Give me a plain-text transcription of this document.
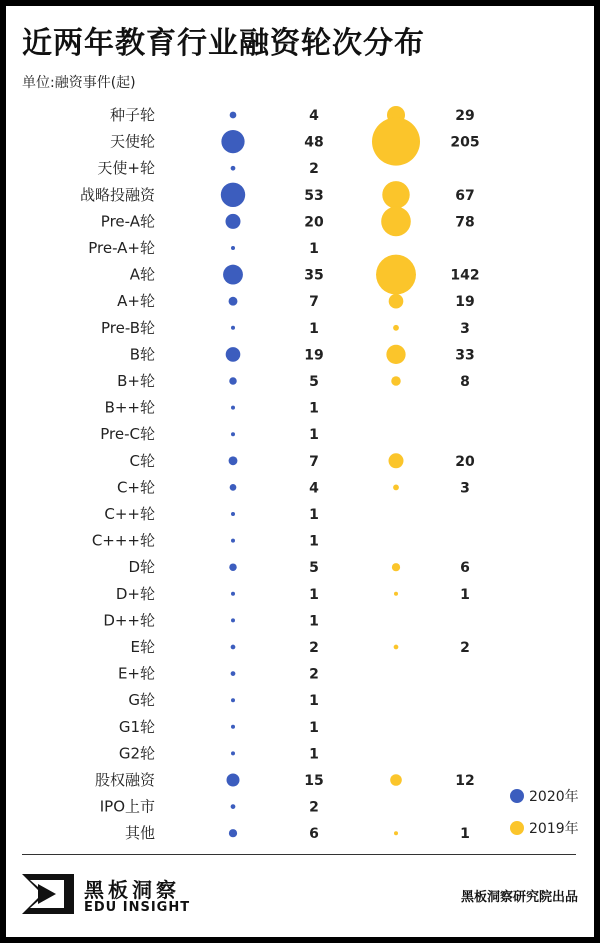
近两年教育行业融资轮次分布
单位:融资事件(起)
种子轮	4	29
天使轮	48	205
天使+轮	2
战略投融资	53	67
Pre-A轮	20	78
Pre-A+轮	1
A轮	35	142
A+轮	7	19
Pre-B轮	1	3
B轮	19	33
B+轮	5	8
B++轮	1
Pre-C轮	1
C轮	7	20
C+轮	4	3
C++轮	1
C+++轮	1
D轮	5	6
D+轮	1	1
D++轮	1
E轮	2	2
E+轮	2
G轮	1
G1轮	1
G2轮	1
股权融资	15	12
IPO上市	2
其他	6	1
2020年
2019年
黑板洞察
EDU INSIGHT
黑板洞察研究院出品
